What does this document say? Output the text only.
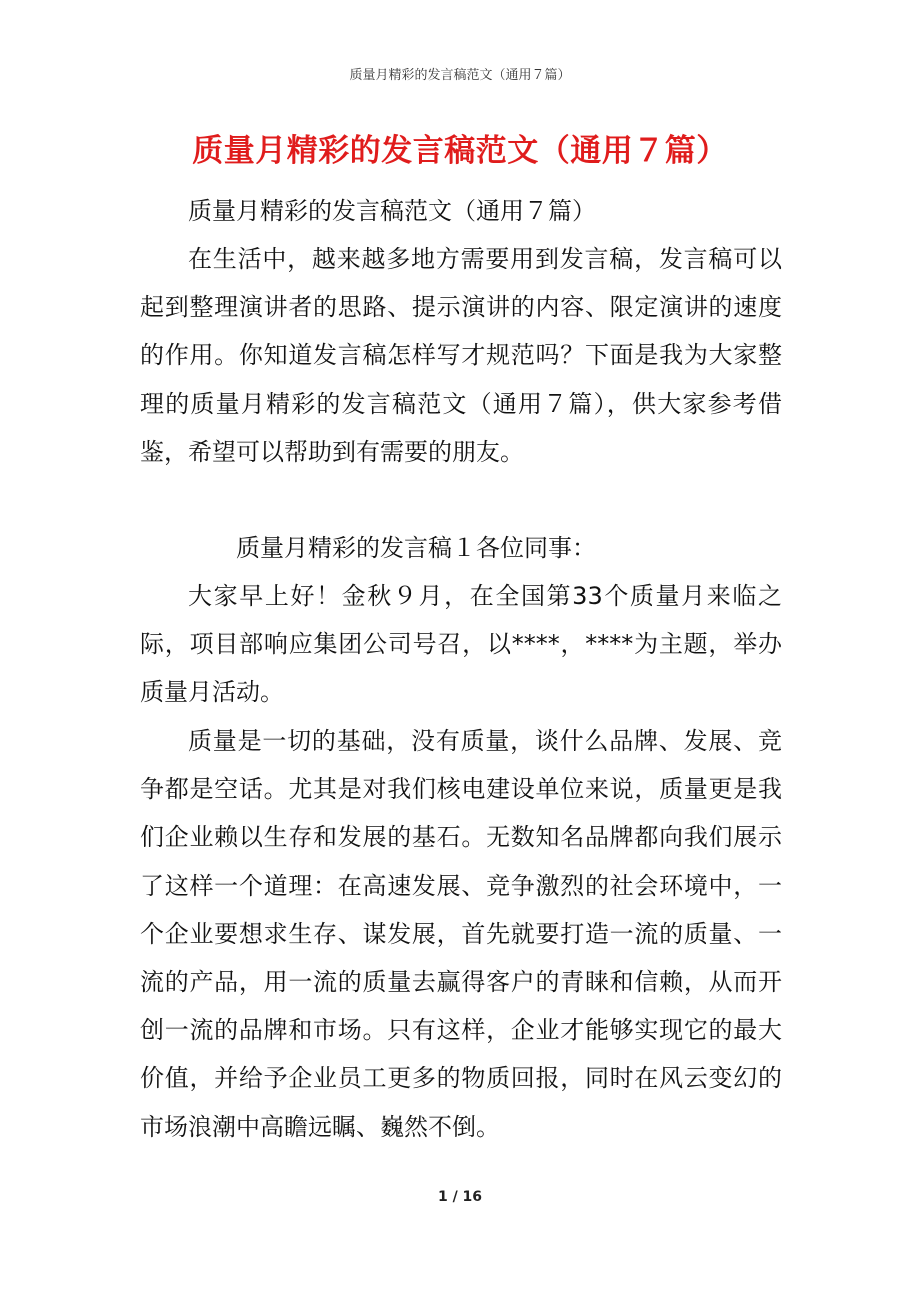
质量月精彩的发言稿范文（通用７篇）
质量月精彩的发言稿范文（通用７篇）
质量月精彩的发言稿范文（通用７篇）
在生活中，越来越多地方需要用到发言稿，发言稿可以起到整理演讲者的思路、提示演讲的内容、限定演讲的速度的作用。你知道发言稿怎样写才规范吗？下面是我为大家整理的质量月精彩的发言稿范文（通用７篇），供大家参考借鉴，希望可以帮助到有需要的朋友。
质量月精彩的发言稿１各位同事：
大家早上好！金秋９月，在全国第33个质量月来临之际，项目部响应集团公司号召，以****，****为主题，举办质量月活动。
质量是一切的基础，没有质量，谈什么品牌、发展、竞争都是空话。尤其是对我们核电建设单位来说，质量更是我们企业赖以生存和发展的基石。无数知名品牌都向我们展示了这样一个道理：在高速发展、竞争激烈的社会环境中，一个企业要想求生存、谋发展，首先就要打造一流的质量、一流的产品，用一流的质量去赢得客户的青睐和信赖，从而开创一流的品牌和市场。只有这样，企业才能够实现它的最大价值，并给予企业员工更多的物质回报，同时在风云变幻的市场浪潮中高瞻远瞩、巍然不倒。
1 / 16
